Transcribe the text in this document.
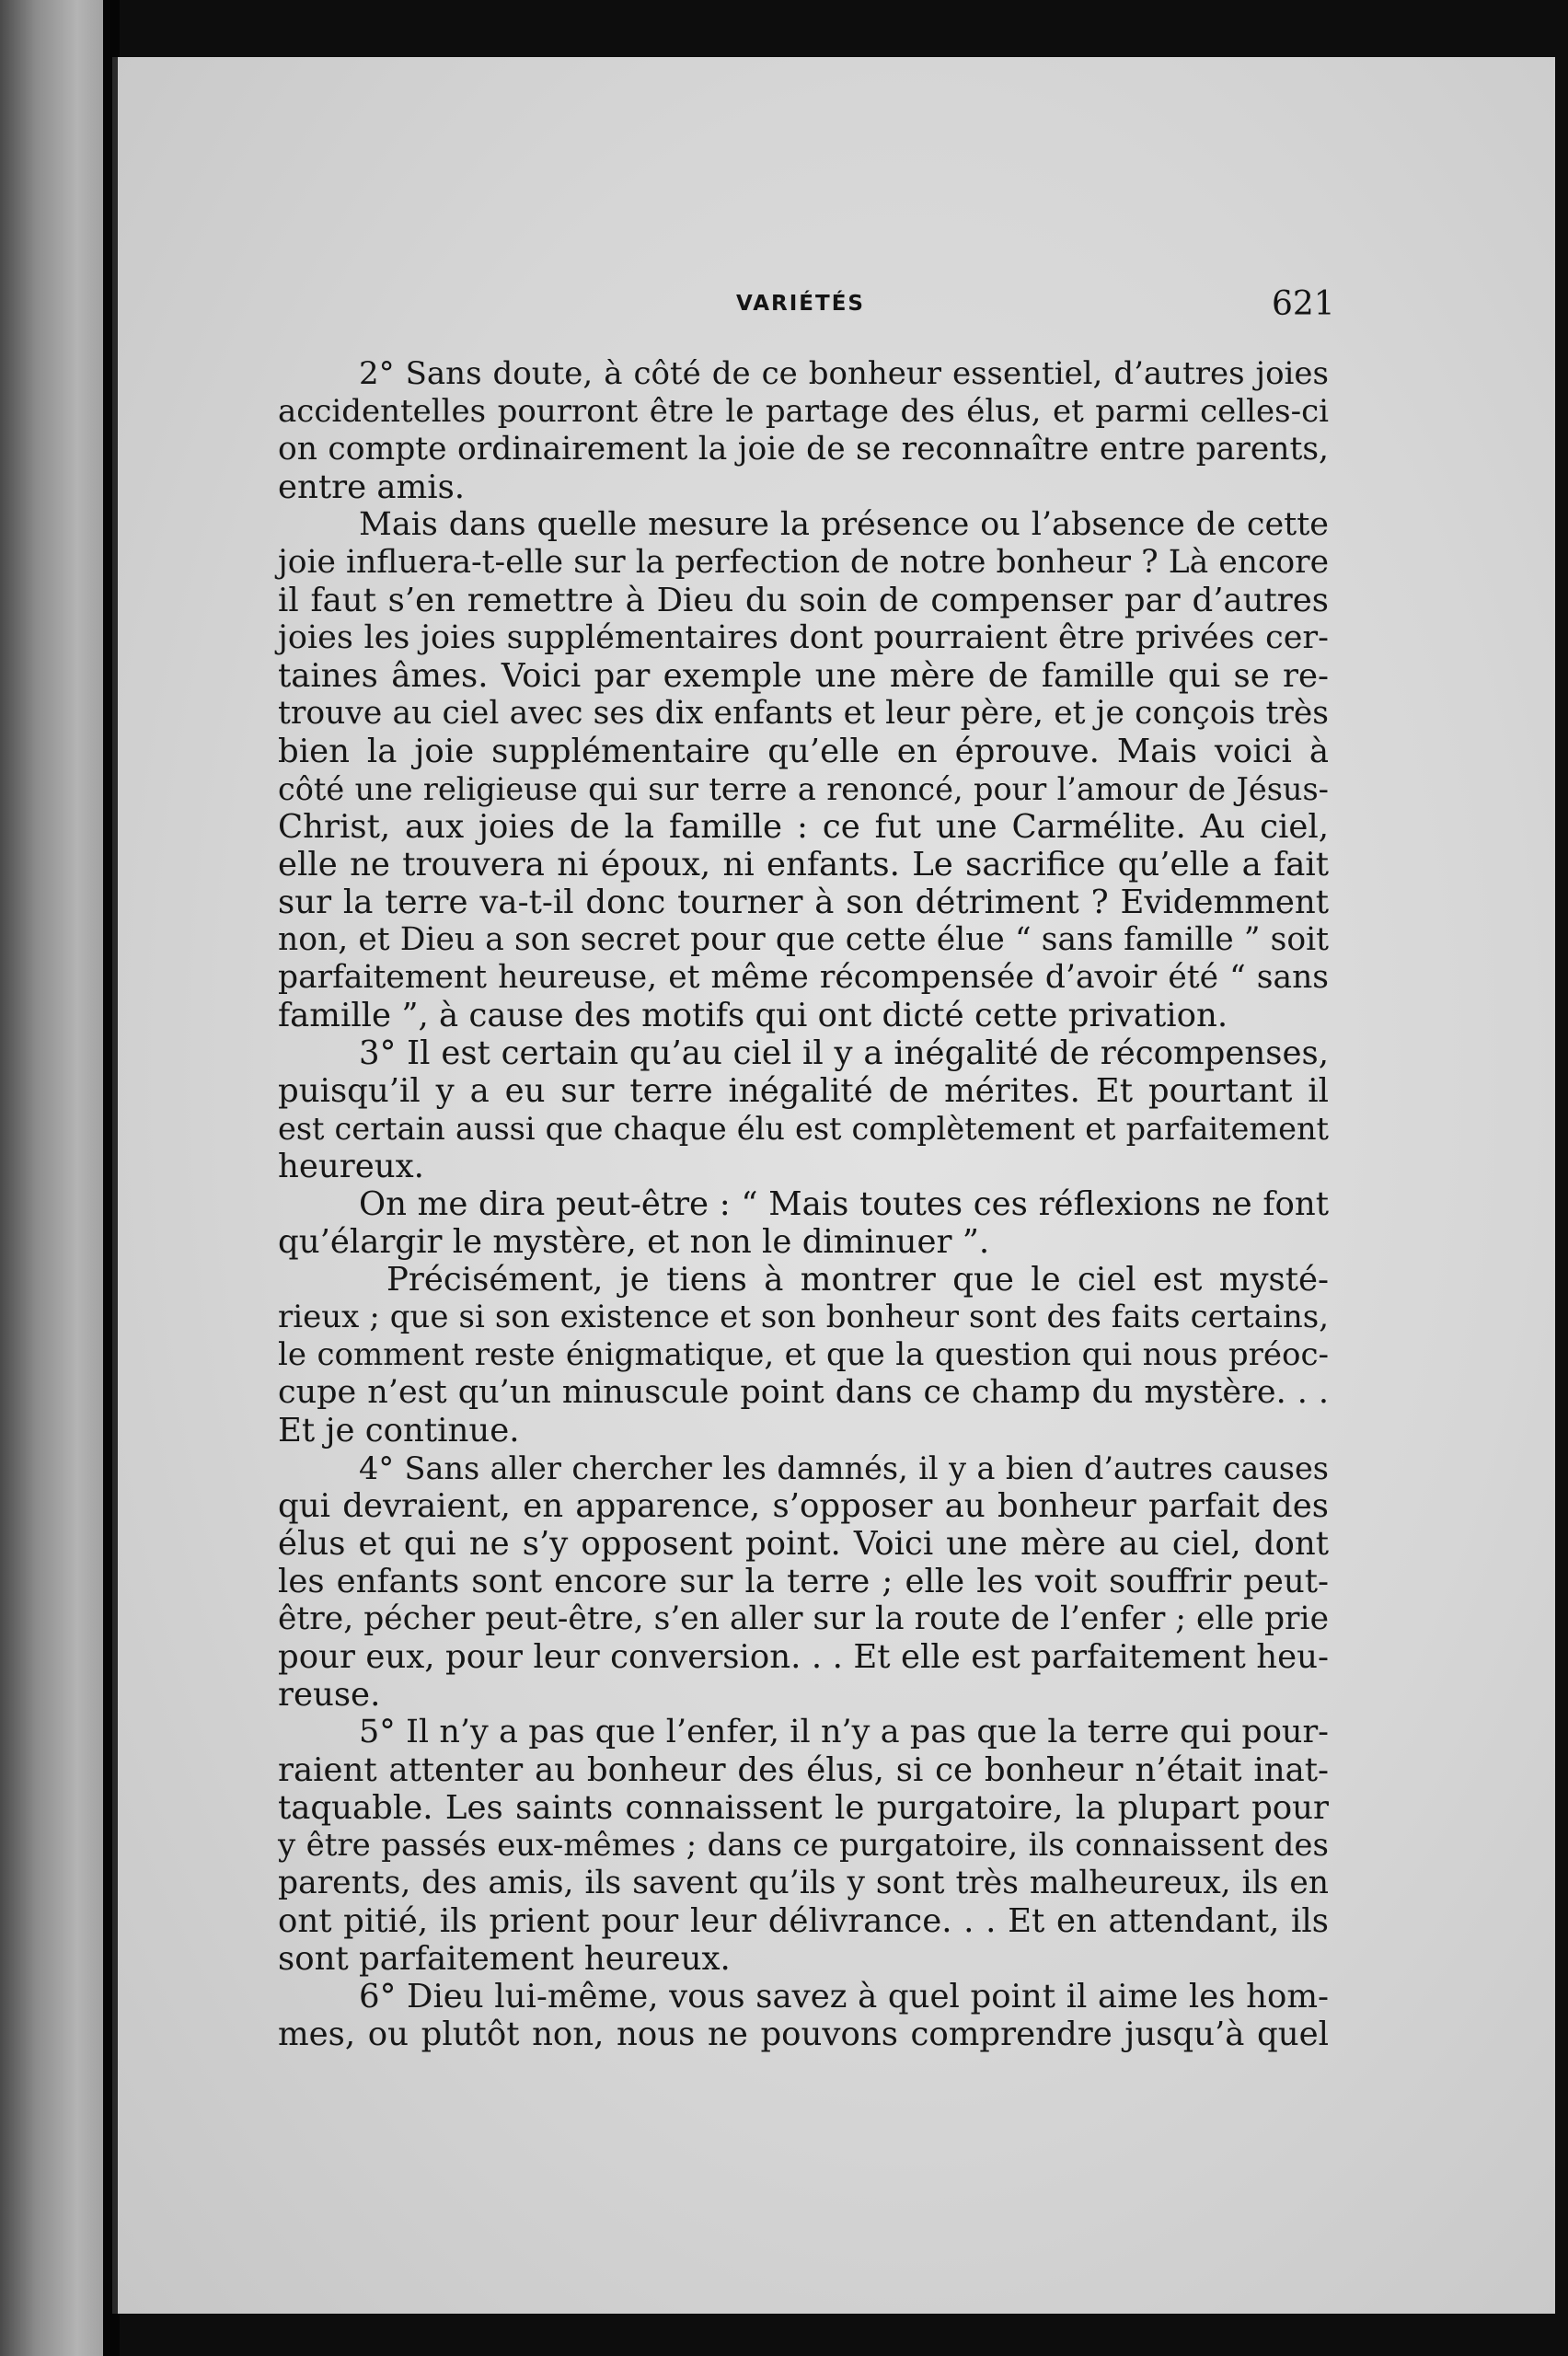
VARIÉTÉS	621

2° Sans doute, à côté de ce bonheur essentiel, d’autres joies

accidentelles pourront être le partage des élus, et parmi celles-ci
on compte ordinairement la joie de se reconnaître entre parents,
entre amis.

Mais dans quelle mesure la présence ou l’absence de cette

joie influera-t-elle sur la perfection de notre bonheur ? Là encore
il faut s’en remettre à Dieu du soin de compenser par d’autres
joies les joies supplémentaires dont pourraient être privées cer-
taines âmes. Voici par exemple une mère de famille qui se re-
trouve au ciel avec ses dix enfants et leur père, et je conçois très
bien la joie supplémentaire qu’elle en éprouve. Mais voici à
côté une religieuse qui sur terre a renoncé, pour l’amour de Jésus-
Christ, aux joies de la famille : ce fut une Carmélite. Au ciel,
elle ne trouvera ni époux, ni enfants. Le sacrifice qu’elle a fait
sur la terre va-t-il donc tourner à son détriment ? Evidemment
non, et Dieu a son secret pour que cette élue “ sans famille ” soit
parfaitement heureuse, et même récompensée d’avoir été “ sans
famille ”, à cause des motifs qui ont dicté cette privation.

3° Il est certain qu’au ciel il y a inégalité de récompenses,

puisqu’il y a eu sur terre inégalité de mérites. Et pourtant il
est certain aussi que chaque élu est complètement et parfaitement
heureux.

On me dira peut-être : “ Mais toutes ces réflexions ne font

qu’élargir le mystère, et non le diminuer ”.

Précisément, je tiens à montrer que le ciel est mysté-

rieux ; que si son existence et son bonheur sont des faits certains,
le comment reste énigmatique, et que la question qui nous préoc-
cupe n’est qu’un minuscule point dans ce champ du mystère. . .
Et je continue.

4° Sans aller chercher les damnés, il y a bien d’autres causes

qui devraient, en apparence, s’opposer au bonheur parfait des
élus et qui ne s’y opposent point. Voici une mère au ciel, dont
les enfants sont encore sur la terre ; elle les voit souffrir peut-
être, pécher peut-être, s’en aller sur la route de l’enfer ; elle prie
pour eux, pour leur conversion. . . Et elle est parfaitement heu-
reuse.

5° Il n’y a pas que l’enfer, il n’y a pas que la terre qui pour-

raient attenter au bonheur des élus, si ce bonheur n’était inat-
taquable. Les saints connaissent le purgatoire, la plupart pour
y être passés eux-mêmes ; dans ce purgatoire, ils connaissent des
parents, des amis, ils savent qu’ils y sont très malheureux, ils en
ont pitié, ils prient pour leur délivrance. . . Et en attendant, ils
sont parfaitement heureux.

6° Dieu lui-même, vous savez à quel point il aime les hom-

mes, ou plutôt non, nous ne pouvons comprendre jusqu’à quel
